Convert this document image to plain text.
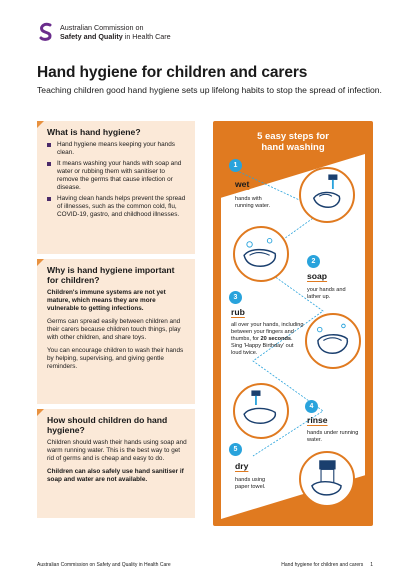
Australian Commission on
Safety and Quality in Health Care
Hand hygiene for children and carers

Teaching children good hand hygiene sets up lifelong habits to stop the spread of infection.

What is hand hygiene?
Hand hygiene means keeping your hands clean.
It means washing your hands with soap and water or rubbing them with sanitiser to remove the germs that cause infection or disease.
Having clean hands helps prevent the spread of illnesses, such as the common cold, flu, COVID-19, gastro, and childhood illnesses.
Why is hand hygiene important for children?

Children's immune systems are not yet mature, which means they are more vulnerable to getting infections.

Germs can spread easily between children and their carers because children touch things, play with other children, and share toys.

You can encourage children to wash their hands by helping, supervising, and giving gentle reminders.

How should children do hand hygiene?

Children should wash their hands using soap and warm running water. This is the best way to get rid of germs and is cheap and easy to do.

Children can also safely use hand sanitiser if soap and water are not available.

5 easy steps for
hand washing
1
wet
hands with running water.
2
soap
your hands and lather up.
3
rub
all over your hands, including between your fingers and thumbs, for 20 seconds. Sing 'Happy Birthday' out loud twice.
4
rinse
hands under running water.
5
dry
hands using paper towel.
Australian Commission on Safety and Quality in Health Care	Hand hygiene for children and carers     1
